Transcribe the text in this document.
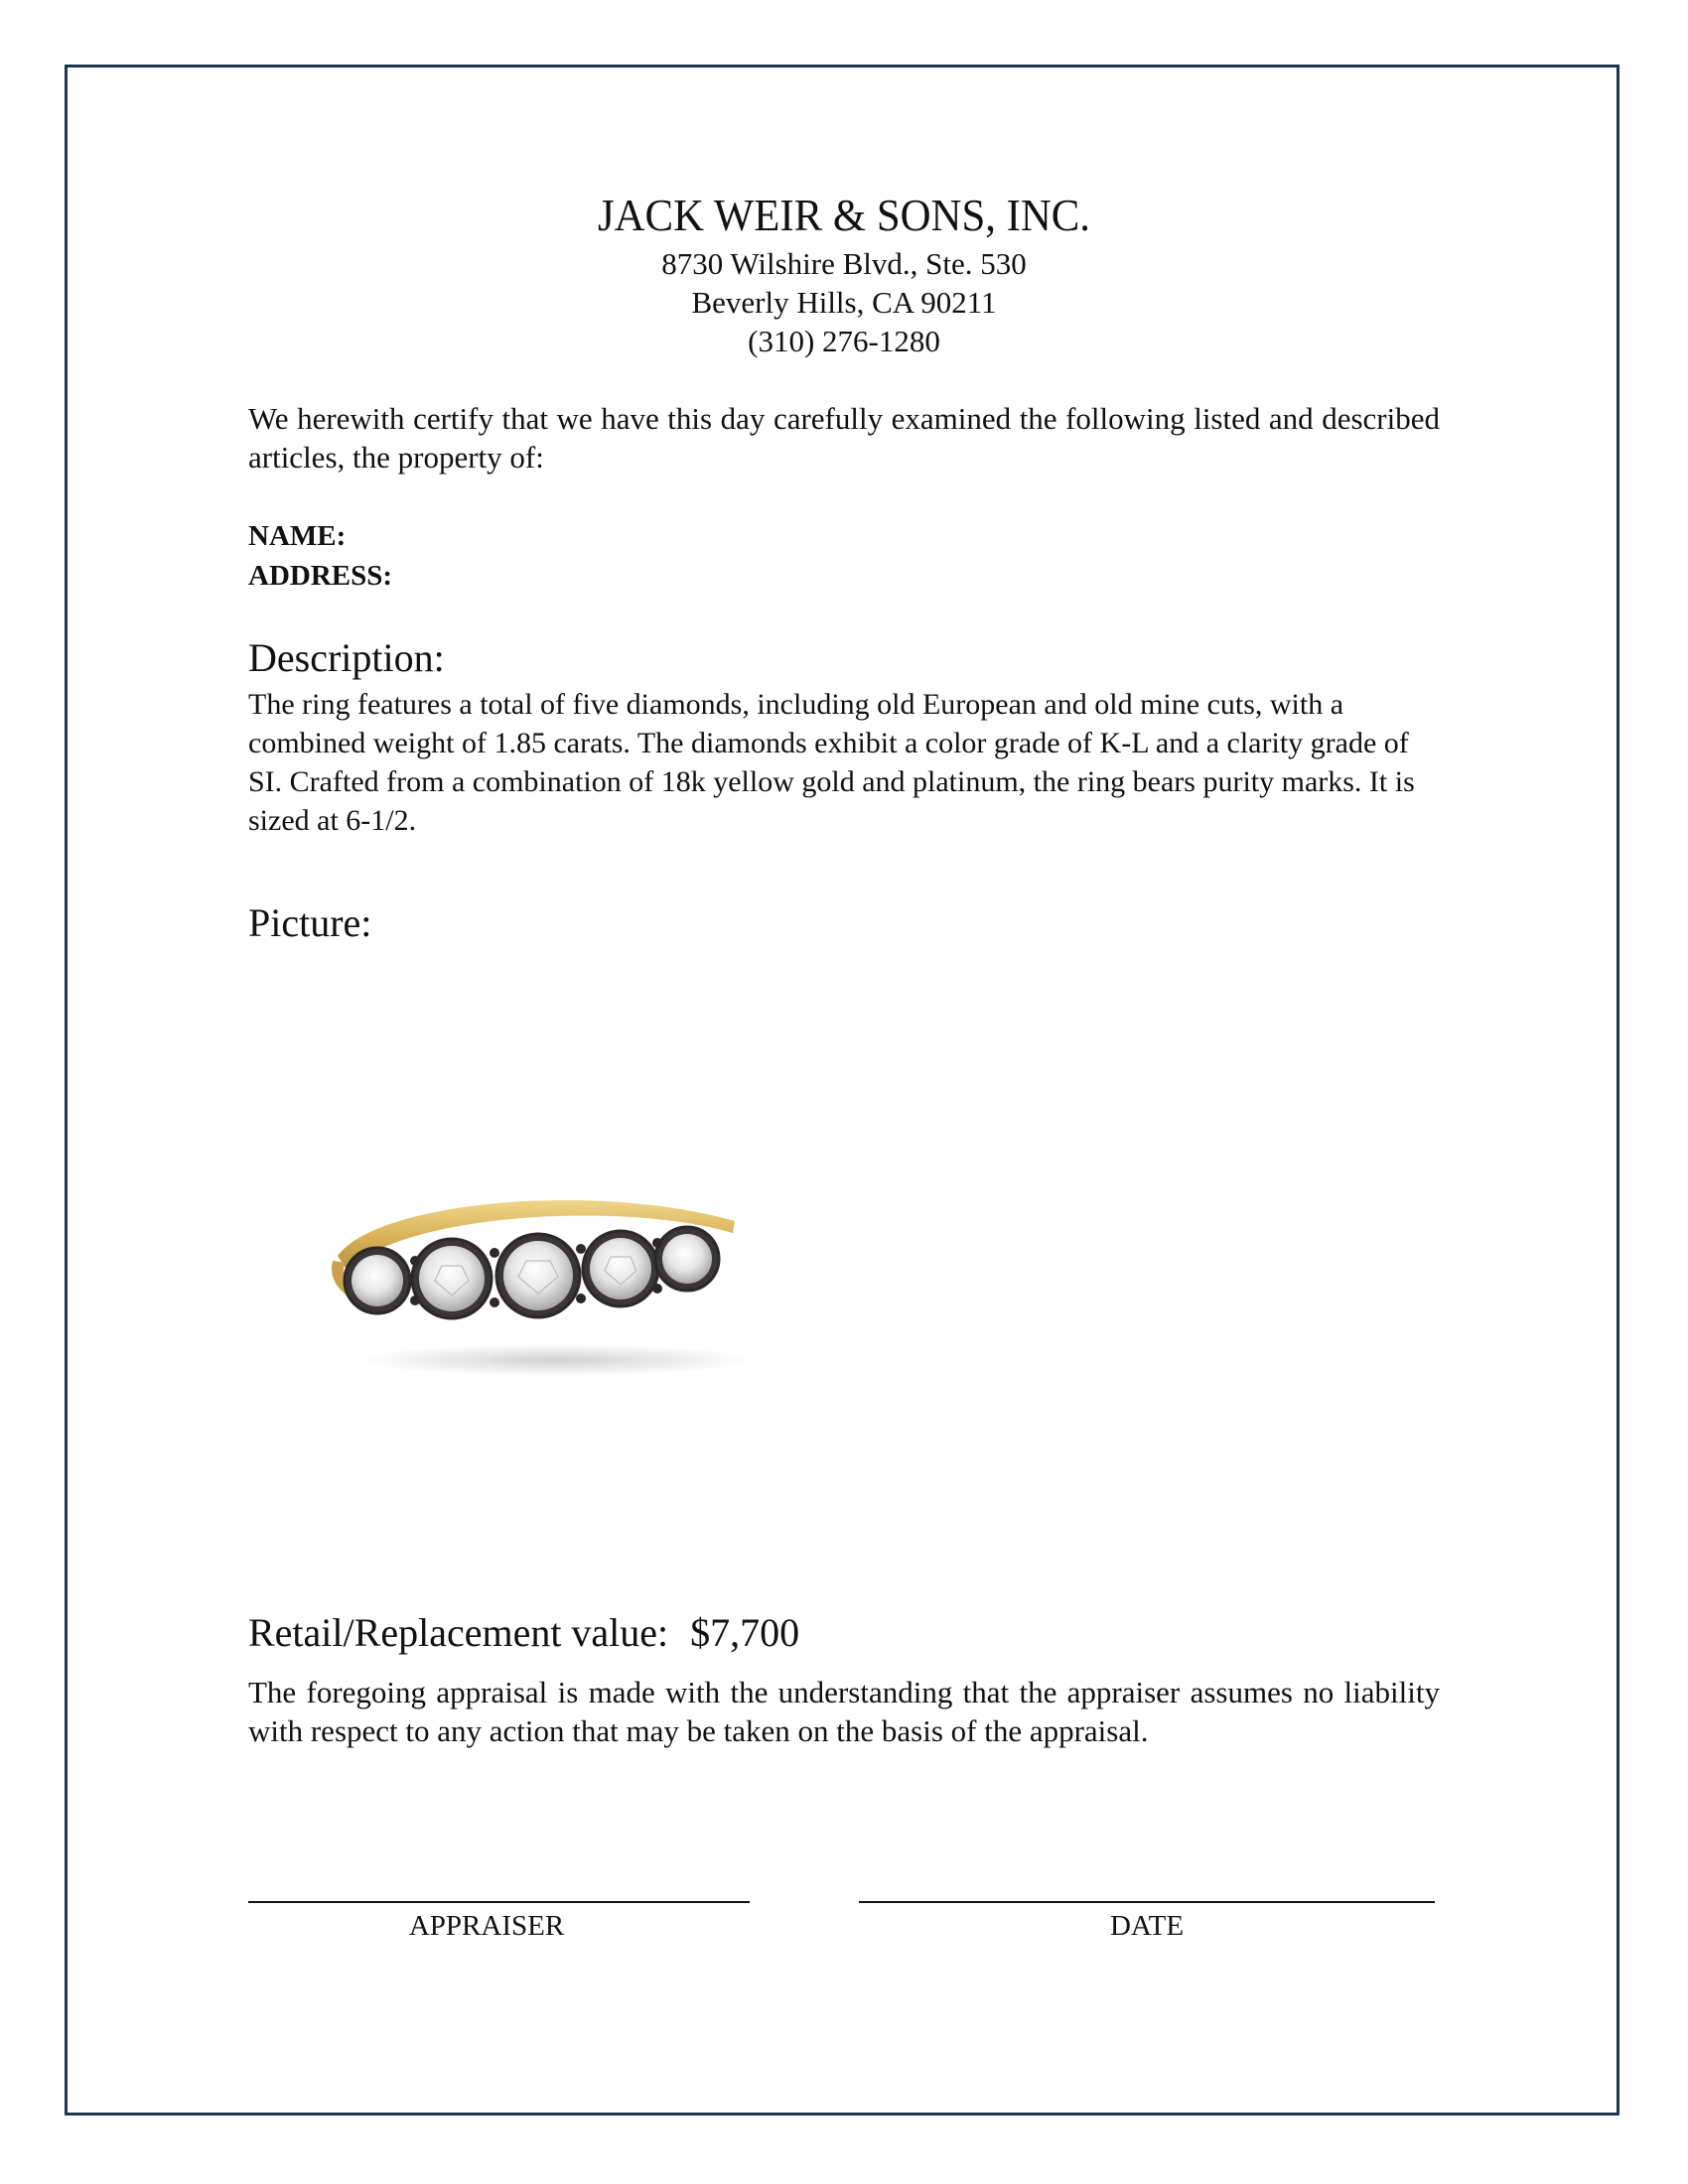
JACK WEIR & SONS, INC.
8730 Wilshire Blvd., Ste. 530
Beverly Hills, CA 90211
(310) 276-1280
We herewith certify that we have this day carefully examined the following listed and described articles, the property of:
NAME:
ADDRESS:
Description:
The ring features a total of five diamonds, including old European and old mine cuts, with a combined weight of 1.85 carats. The diamonds exhibit a color grade of K-L and a clarity grade of SI. Crafted from a combination of 18k yellow gold and platinum, the ring bears purity marks. It is sized at 6-1/2.
Picture:
Retail/Replacement value: $7,700
The foregoing appraisal is made with the understanding that the appraiser assumes no liability with respect to any action that may be taken on the basis of the appraisal.
APPRAISER	DATE
